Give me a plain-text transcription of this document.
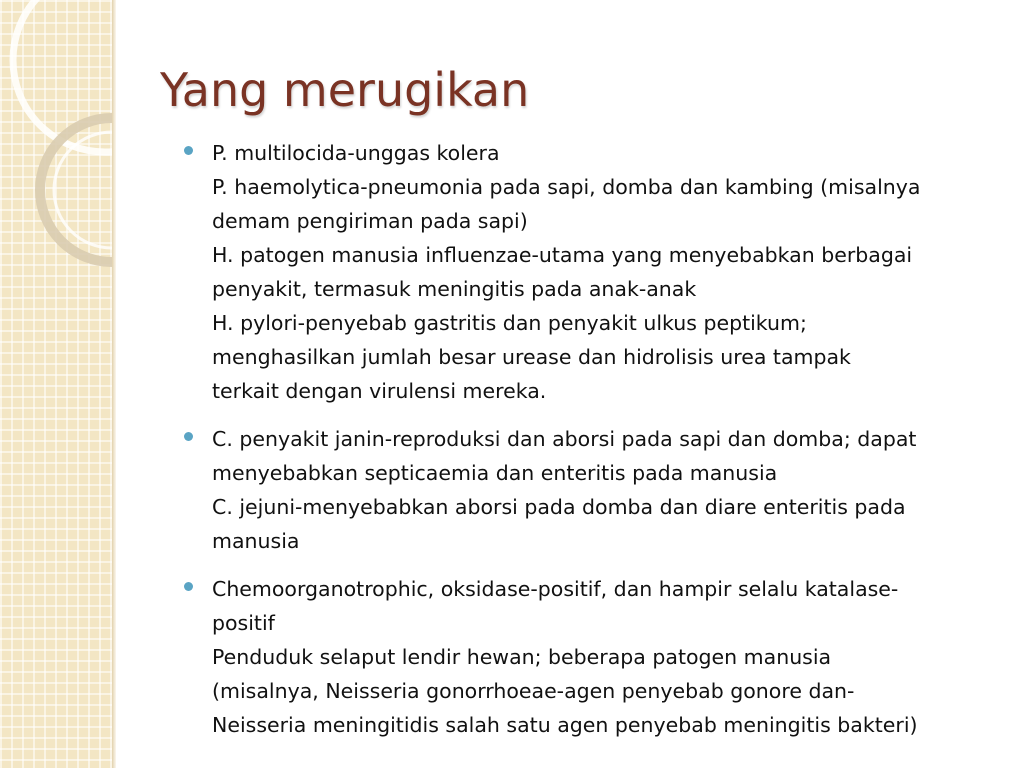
Yang merugikan
P. multilocida-unggas kolera
P. haemolytica-pneumonia pada sapi, domba dan kambing (misalnya
demam pengiriman pada sapi)
H. patogen manusia influenzae-utama yang menyebabkan berbagai
penyakit, termasuk meningitis pada anak-anak
H. pylori-penyebab gastritis dan penyakit ulkus peptikum;
menghasilkan jumlah besar urease dan hidrolisis urea tampak
terkait dengan virulensi mereka.
C. penyakit janin-reproduksi dan aborsi pada sapi dan domba; dapat
menyebabkan septicaemia dan enteritis pada manusia
C. jejuni-menyebabkan aborsi pada domba dan diare enteritis pada
manusia
Chemoorganotrophic, oksidase-positif, dan hampir selalu katalase-
positif
Penduduk selaput lendir hewan; beberapa patogen manusia
(misalnya, Neisseria gonorrhoeae-agen penyebab gonore dan-
Neisseria meningitidis salah satu agen penyebab meningitis bakteri)
